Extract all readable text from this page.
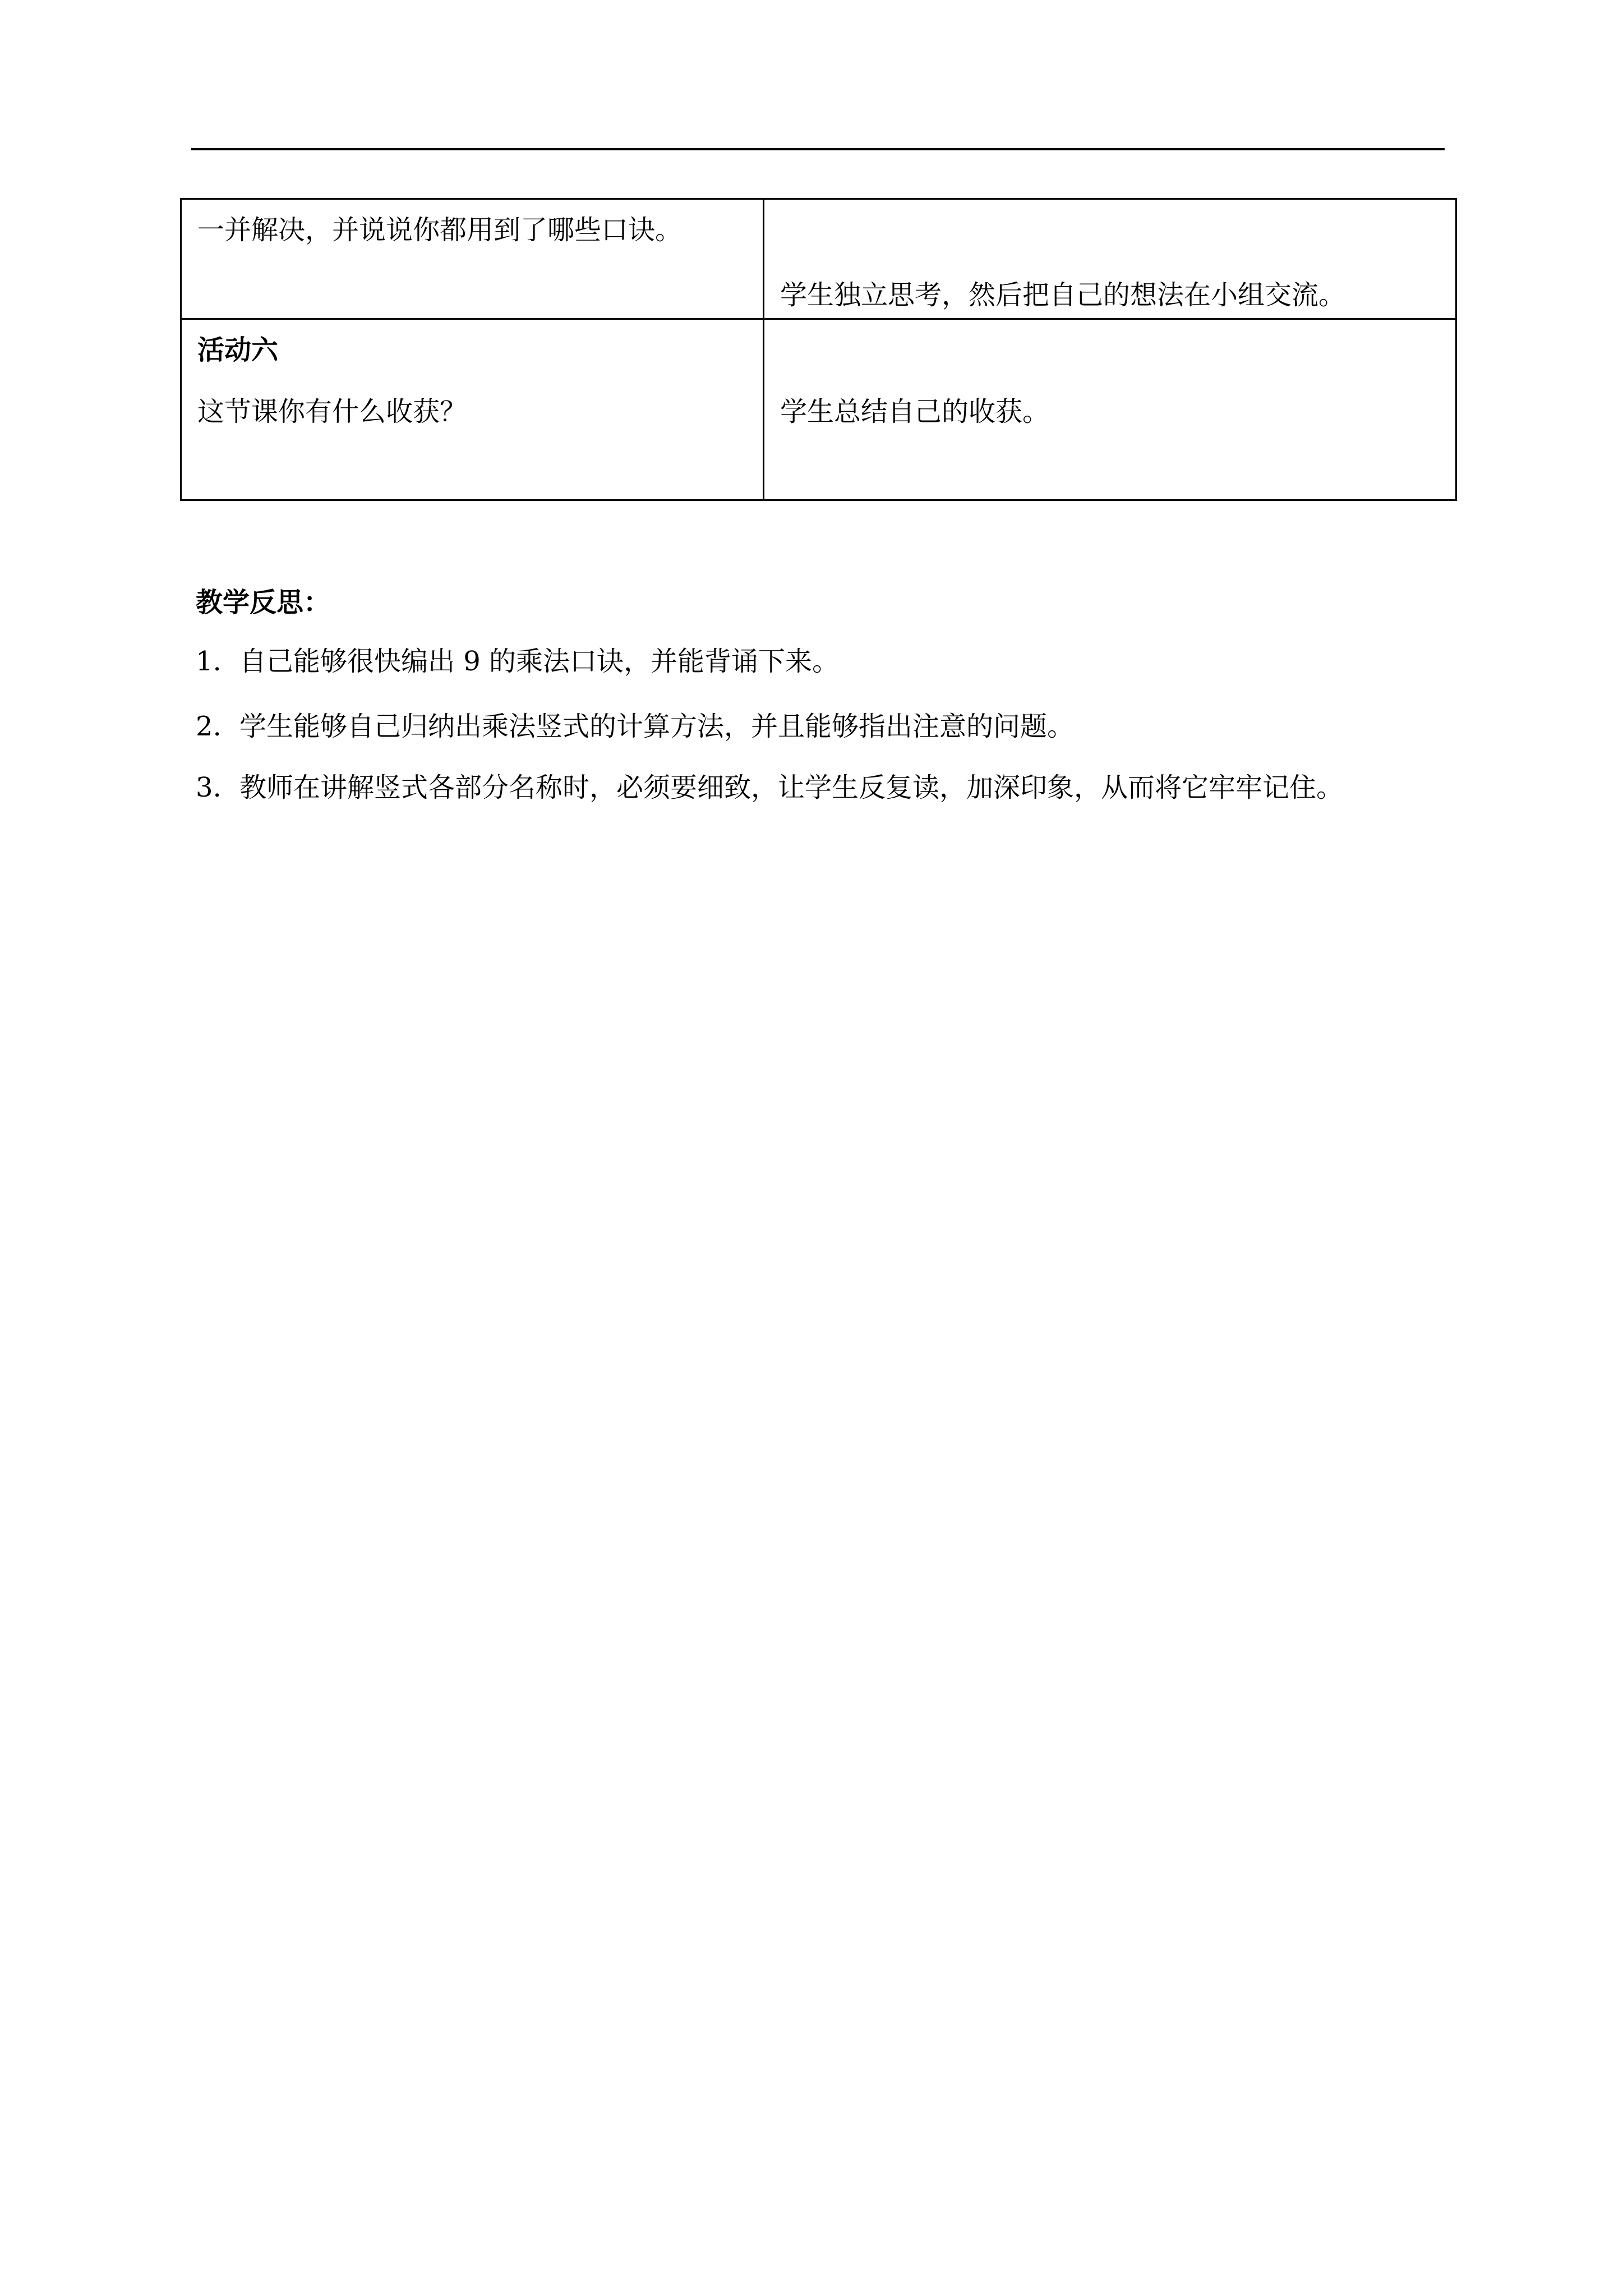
一并解决，并说说你都用到了哪些口诀。	学生独立思考，然后把自己的想法在小组交流。

活动六
这节课你有什么收获？	学生总结自己的收获。
教学反思：
1. 自己能够很快编出 9 的乘法口诀，并能背诵下来。
2. 学生能够自己归纳出乘法竖式的计算方法，并且能够指出注意的问题。
3. 教师在讲解竖式各部分名称时，必须要细致，让学生反复读，加深印象，从而将它牢牢记住。
